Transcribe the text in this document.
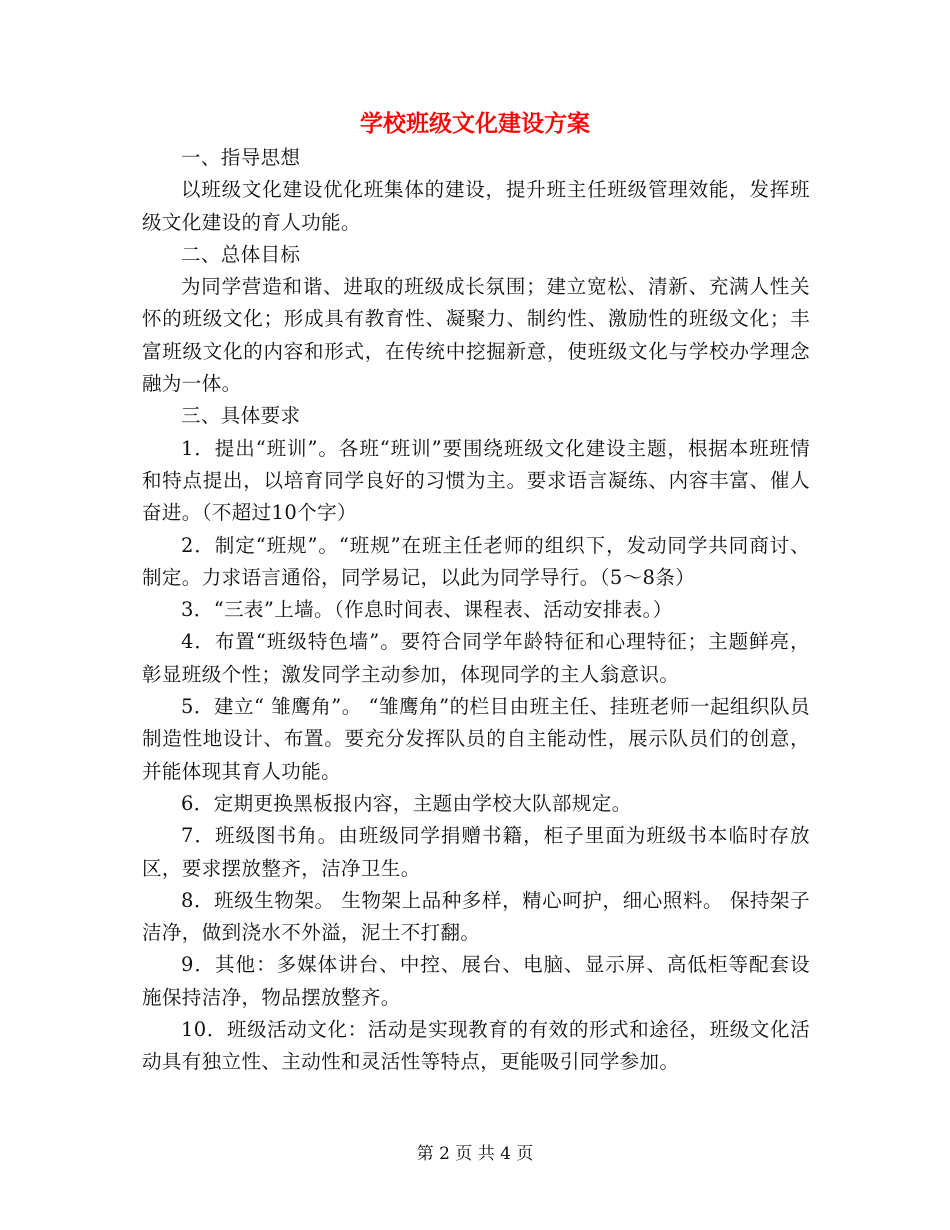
学校班级文化建设方案

一、指导思想

以班级文化建设优化班集体的建设，提升班主任班级管理效能，发挥班级文化建设的育人功能。

二、总体目标

为同学营造和谐、进取的班级成长氛围；建立宽松、清新、充满人性关怀的班级文化；形成具有教育性、凝聚力、制约性、激励性的班级文化；丰富班级文化的内容和形式，在传统中挖掘新意，使班级文化与学校办学理念融为一体。

三、具体要求

1．提出“班训”。各班“班训”要围绕班级文化建设主题，根据本班班情和特点提出，以培育同学良好的习惯为主。要求语言凝练、内容丰富、催人奋进。（不超过10个字）

2．制定“班规”。“班规”在班主任老师的组织下，发动同学共同商讨、制定。力求语言通俗，同学易记，以此为同学导行。（5～8条）

3．“三表”上墙。（作息时间表、课程表、活动安排表。）

4．布置“班级特色墙”。要符合同学年龄特征和心理特征；主题鲜亮，彰显班级个性；激发同学主动参加，体现同学的主人翁意识。

5．建立“ 雏鹰角”。 “雏鹰角”的栏目由班主任、挂班老师一起组织队员制造性地设计、布置。要充分发挥队员的自主能动性，展示队员们的创意，并能体现其育人功能。

6．定期更换黑板报内容，主题由学校大队部规定。

7．班级图书角。由班级同学捐赠书籍，柜子里面为班级书本临时存放区，要求摆放整齐，洁净卫生。

8．班级生物架。 生物架上品种多样，精心呵护，细心照料。 保持架子洁净，做到浇水不外溢，泥土不打翻。

9．其他：多媒体讲台、中控、展台、电脑、显示屏、高低柜等配套设施保持洁净，物品摆放整齐。

10．班级活动文化：活动是实现教育的有效的形式和途径，班级文化活动具有独立性、主动性和灵活性等特点，更能吸引同学参加。

第 2 页 共 4 页
